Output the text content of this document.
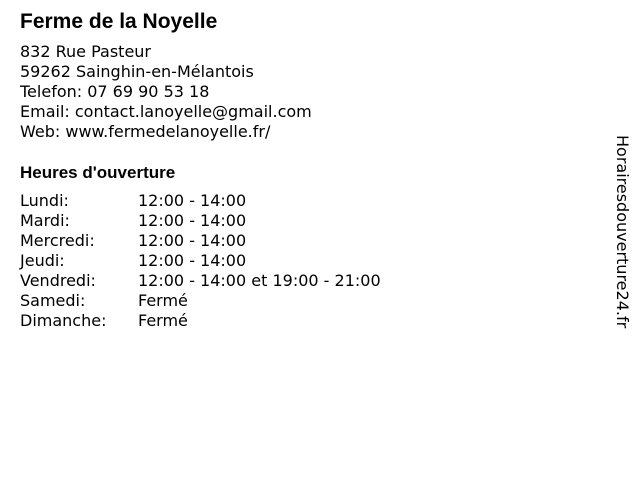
Ferme de la Noyelle
832 Rue Pasteur
59262 Sainghin-en-Mélantois
Telefon: 07 69 90 53 18
Email: contact.lanoyelle@gmail.com
Web: www.fermedelanoyelle.fr/
Heures d'ouverture
Lundi:	12:00 - 14:00
Mardi:	12:00 - 14:00
Mercredi:	12:00 - 14:00
Jeudi:	12:00 - 14:00
Vendredi:	12:00 - 14:00 et 19:00 - 21:00
Samedi:	Fermé
Dimanche:	Fermé	Horairesdouverture24.fr
